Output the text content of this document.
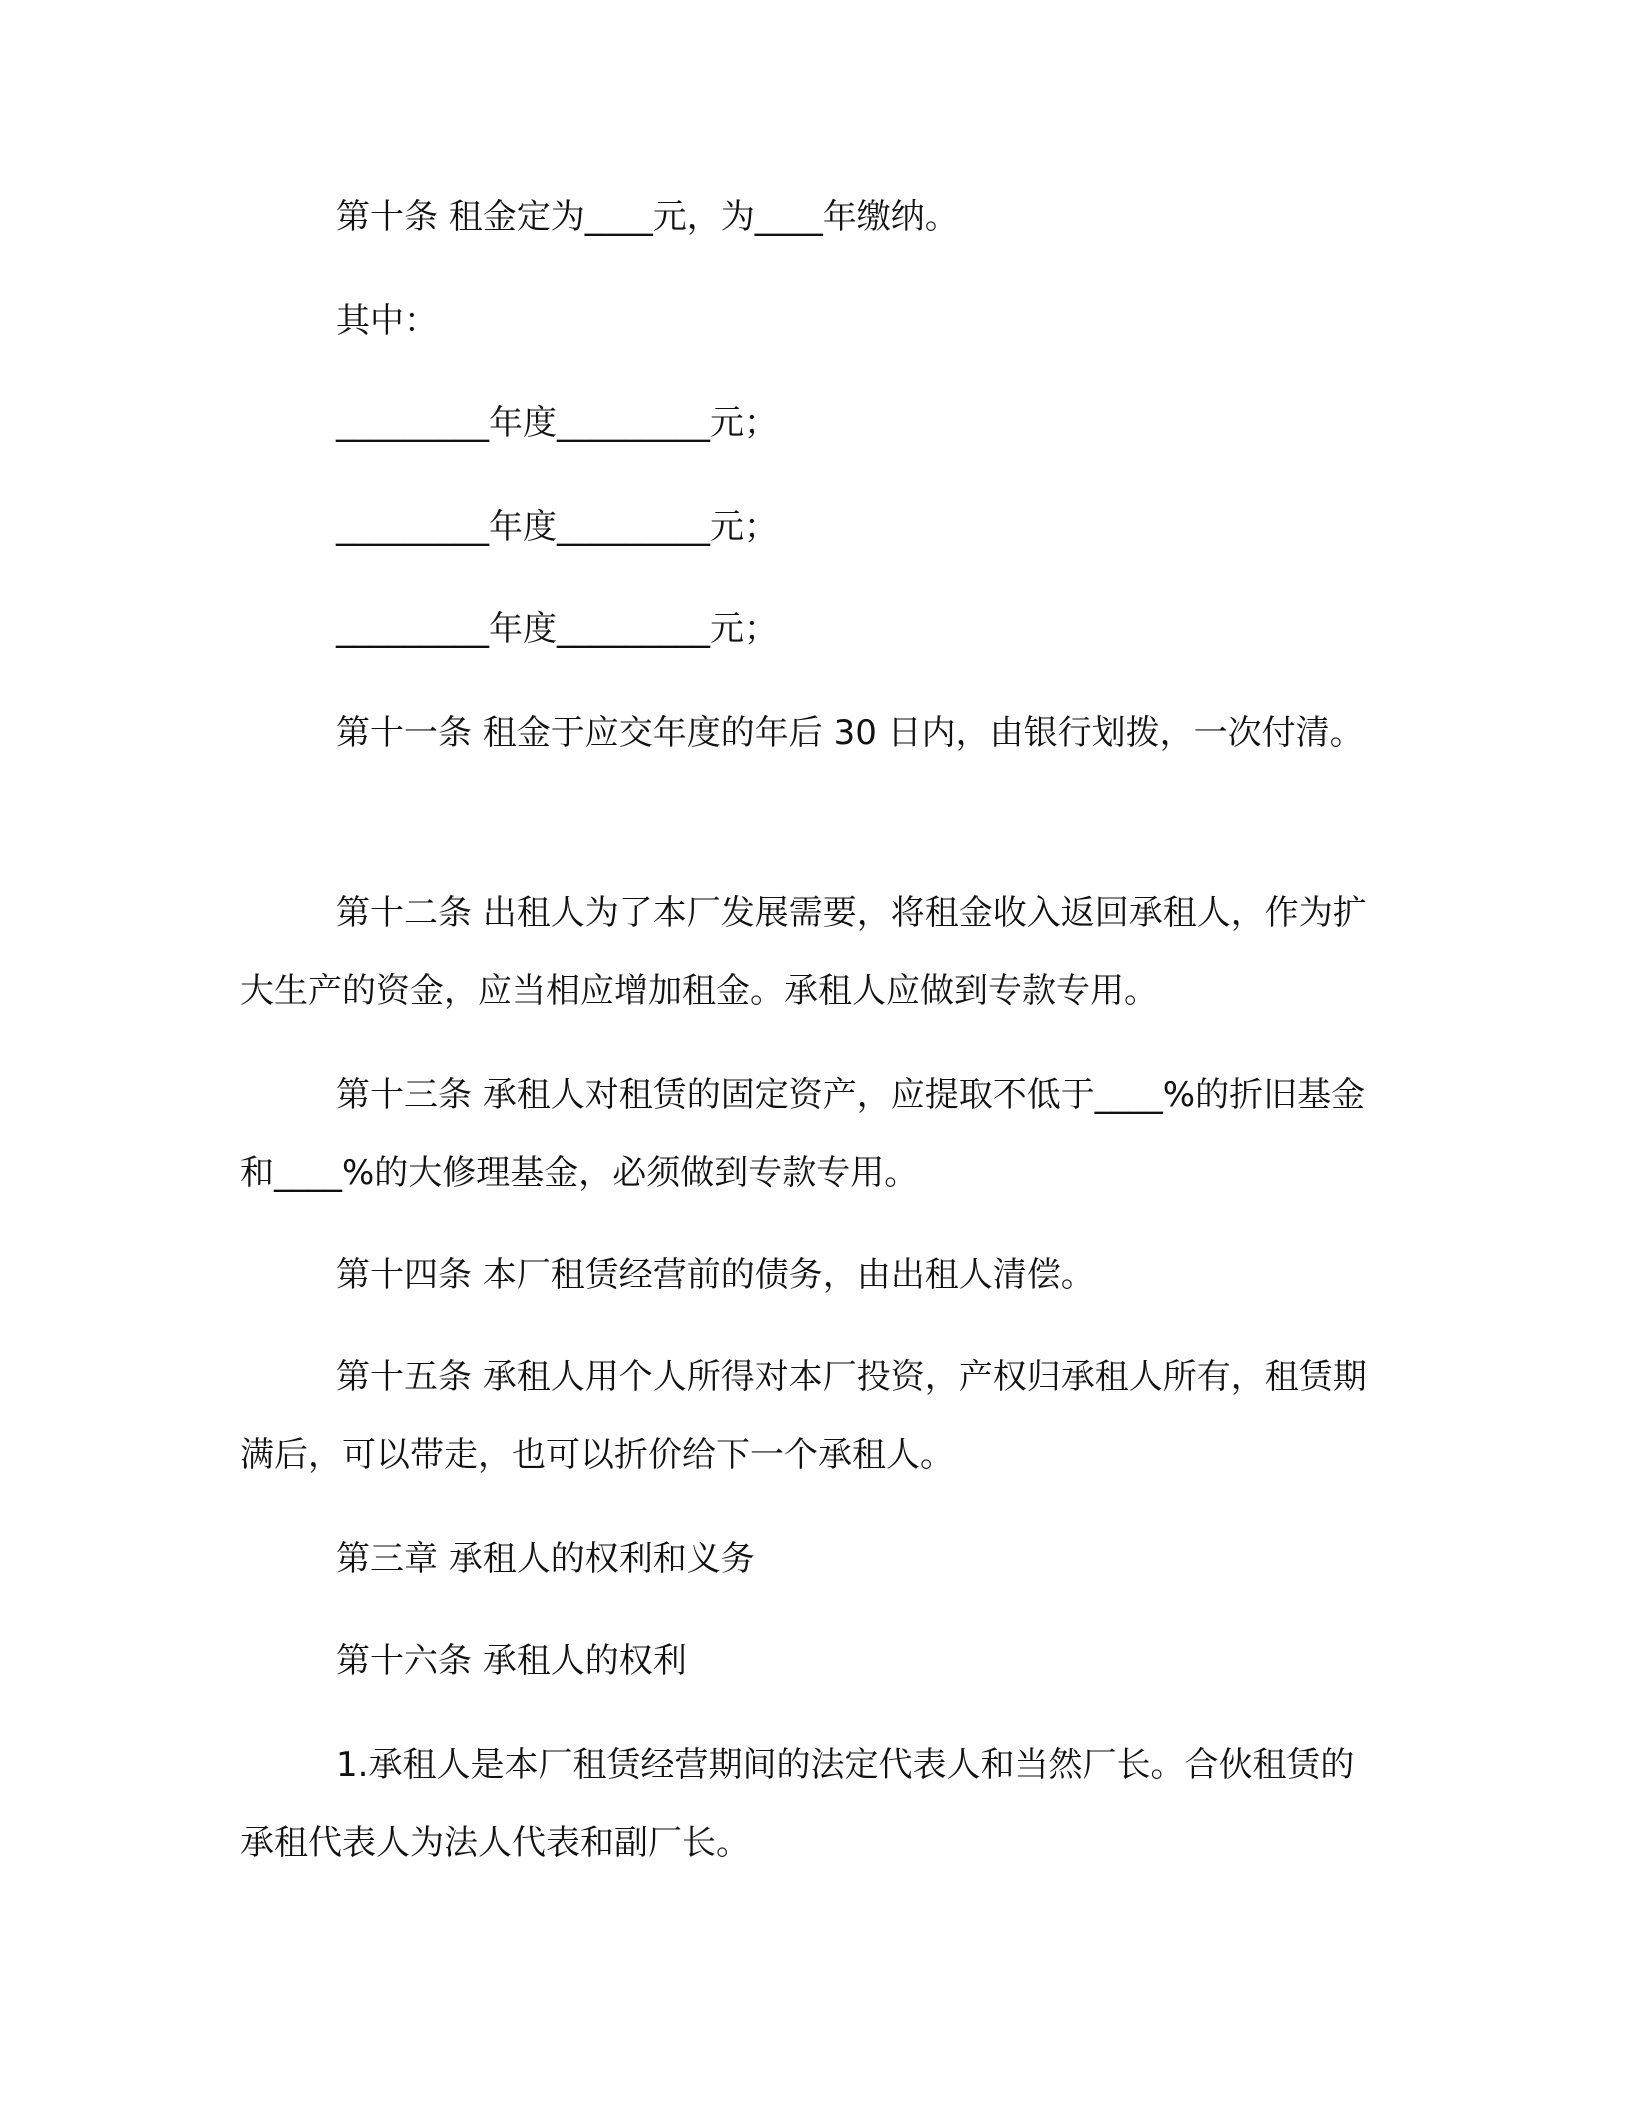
第十条 租金定为____元，为____年缴纳。

其中：

_________年度_________元；

_________年度_________元；

_________年度_________元；

第十一条 租金于应交年度的年后 30 日内，由银行划拨，一次付清。

第十二条 出租人为了本厂发展需要，将租金收入返回承租人，作为扩大生产的资金，应当相应增加租金。承租人应做到专款专用。

第十三条 承租人对租赁的固定资产，应提取不低于____%的折旧基金和____%的大修理基金，必须做到专款专用。

第十四条 本厂租赁经营前的债务，由出租人清偿。

第十五条 承租人用个人所得对本厂投资，产权归承租人所有，租赁期满后，可以带走，也可以折价给下一个承租人。

第三章 承租人的权利和义务

第十六条 承租人的权利

1.承租人是本厂租赁经营期间的法定代表人和当然厂长。合伙租赁的承租代表人为法人代表和副厂长。
